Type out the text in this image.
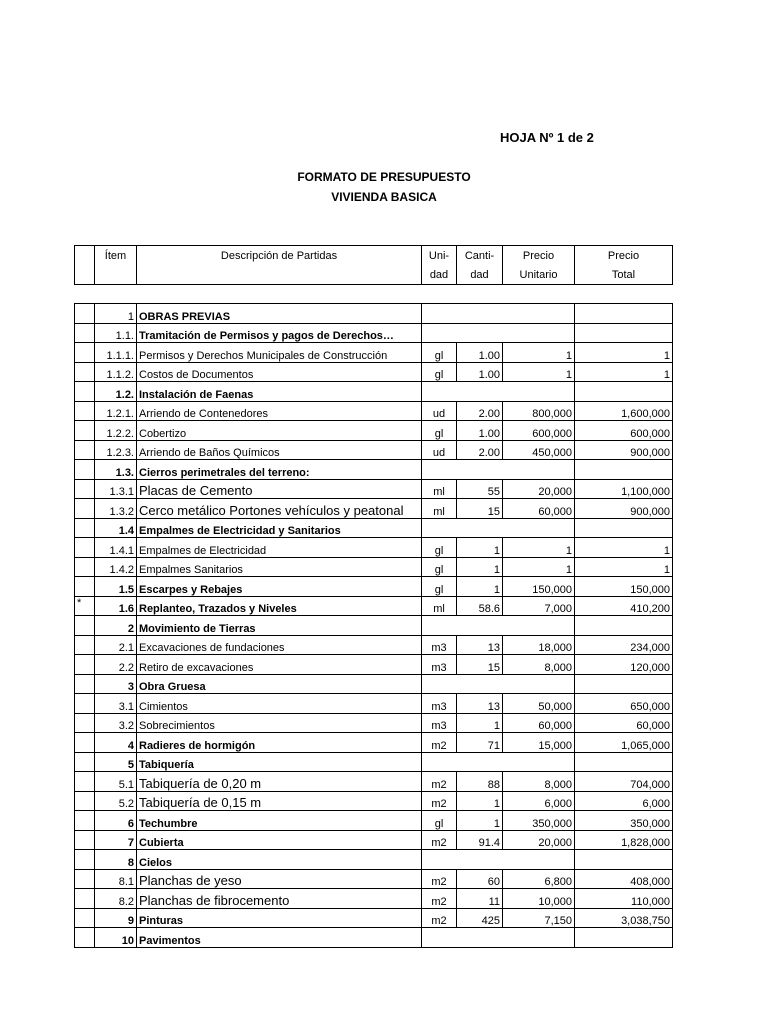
HOJA Nº 1 de 2
FORMATO DE PRESUPUESTO
VIVIENDA BASICA
	Ítem	Descripción de Partidas	Uni-	Canti-	Precio	Precio
			dad	dad	Unitario	Total
	1	OBRAS PREVIAS				
	1.1.	Tramitación de Permisos y pagos de Derechos…				
	1.1.1.	Permisos y Derechos Municipales de Construcción	gl	1.00	1	1
	1.1.2.	Costos de Documentos	gl	1.00	1	1
	1.2.	Instalación de Faenas				
	1.2.1.	Arriendo de Contenedores	ud	2.00	800,000	1,600,000
	1.2.2.	Cobertizo	gl	1.00	600,000	600,000
	1.2.3.	Arriendo de Baños Químicos	ud	2.00	450,000	900,000
	1.3.	Cierros perimetrales del terreno:				
	1.3.1	Placas de Cemento	ml	55	20,000	1,100,000
	1.3.2	Cerco metálico Portones vehículos y peatonal	ml	15	60,000	900,000
	1.4	Empalmes de Electricidad y Sanitarios				
	1.4.1	Empalmes de Electricidad	gl	1	1	1
	1.4.2	Empalmes Sanitarios	gl	1	1	1
	1.5	Escarpes y Rebajes	gl	1	150,000	150,000
*	1.6	Replanteo, Trazados y Niveles	ml	58.6	7,000	410,200
	2	Movimiento de Tierras				
	2.1	Excavaciones de fundaciones	m3	13	18,000	234,000
	2.2	Retiro de excavaciones	m3	15	8,000	120,000
	3	Obra Gruesa				
	3.1	Cimientos	m3	13	50,000	650,000
	3.2	Sobrecimientos	m3	1	60,000	60,000
	4	Radieres de hormigón	m2	71	15,000	1,065,000
	5	Tabiquería				
	5.1	Tabiquería de 0,20 m	m2	88	8,000	704,000
	5.2	Tabiquería de 0,15 m	m2	1	6,000	6,000
	6	Techumbre	gl	1	350,000	350,000
	7	Cubierta	m2	91.4	20,000	1,828,000
	8	Cielos				
	8.1	Planchas de yeso	m2	60	6,800	408,000
	8.2	Planchas de fibrocemento	m2	11	10,000	110,000
	9	Pinturas	m2	425	7,150	3,038,750
	10	Pavimentos				
